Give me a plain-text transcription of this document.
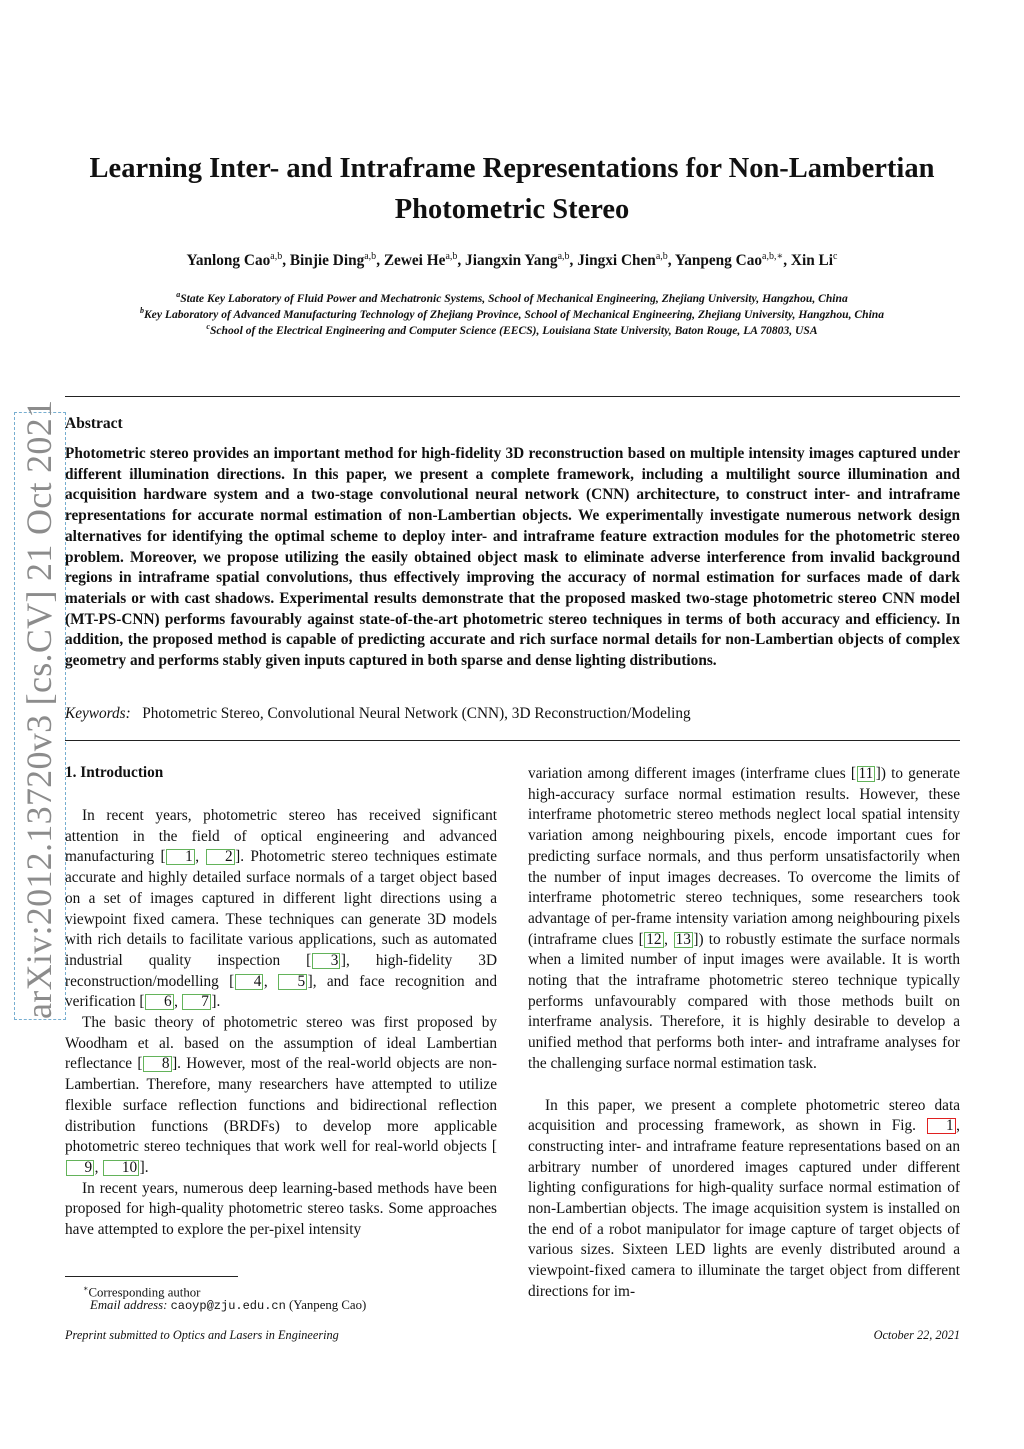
Learning Inter- and Intraframe Representations for Non-Lambertian
Photometric Stereo
Yanlong Cao$^{a,b}$, Binjie Ding$^{a,b}$, Zewei He$^{a,b}$, Jiangxin Yang$^{a,b}$, Jingxi Chen$^{a,b}$, Yanpeng Cao$^{a,b,∗}$, Xin Li$^c$
$^a$State Key Laboratory of Fluid Power and Mechatronic Systems, School of Mechanical Engineering, Zhejiang University, Hangzhou, China
$^b$Key Laboratory of Advanced Manufacturing Technology of Zhejiang Province, School of Mechanical Engineering, Zhejiang University, Hangzhou, China
$^c$School of the Electrical Engineering and Computer Science (EECS), Louisiana State University, Baton Rouge, LA 70803, USA
arXiv:2012.13720v3 [cs.CV] 21 Oct 2021 Abstract
Photometric stereo provides an important method for high-fidelity 3D reconstruction based on multiple intensity images captured under different illumination directions. In this paper, we present a complete framework, including a multilight source illumination and acquisition hardware system and a two-stage convolutional neural network (CNN) architecture, to construct inter- and intraframe representations for accurate normal estimation of non-Lambertian objects. We experimentally investigate numerous network design alternatives for identifying the optimal scheme to deploy inter- and intraframe feature extraction modules for the photometric stereo problem. Moreover, we propose utilizing the easily obtained object mask to eliminate adverse interference from invalid background regions in intraframe spatial convolutions, thus effectively improving the accuracy of normal estimation for surfaces made of dark materials or with cast shadows. Experimental results demonstrate that the proposed masked two-stage photometric stereo CNN model (MT-PS-CNN) performs favourably against state-of-the-art photometric stereo techniques in terms of both accuracy and efficiency. In addition, the proposed method is capable of predicting accurate and rich surface normal details for non-Lambertian objects of complex geometry and performs stably given inputs captured in both sparse and dense lighting distributions.
Keywords: Photometric Stereo, Convolutional Neural Network (CNN), 3D Reconstruction/Modeling
1. Introduction

In recent years, photometric stereo has received significant attention in the field of optical engineering and advanced manufacturing [ 1 , 2 ]. Photometric stereo techniques estimate accurate and highly detailed surface normals of a target object based on a set of images captured in different light directions using a viewpoint fixed camera. These techniques can generate 3D models with rich details to facilitate various applications, such as automated industrial quality inspection [ 3 ], high-fidelity 3D reconstruction/modelling [ 4 , 5 ], and face recognition and verification [ 6 , 7 ].

The basic theory of photometric stereo was first proposed by Woodham et al. based on the assumption of ideal Lambertian reflectance [ 8 ]. However, most of the real-world objects are non-Lambertian. Therefore, many researchers have attempted to utilize flexible surface reflection functions and bidirectional reflection distribution functions (BRDFs) to develop more applicable photometric stereo techniques that work well for real-world objects [9 , 10 ].

In recent years, numerous deep learning-based methods have been proposed for high-quality photometric stereo tasks. Some approaches have attempted to explore the per-pixel intensity

variation among different images (interframe clues [ 11 ]) to generate high-accuracy surface normal estimation results. However, these interframe photometric stereo methods neglect local spatial intensity variation among neighbouring pixels, encode important cues for predicting surface normals, and thus perform unsatisfactorily when the number of input images decreases. To overcome the limits of interframe photometric stereo techniques, some researchers took advantage of per-frame intensity variation among neighbouring pixels (intraframe clues [ 12 , 13 ]) to robustly estimate the surface normals when a limited number of input images were available. It is worth noting that the intraframe photometric stereo technique typically performs unfavourably compared with those methods built on interframe analysis. Therefore, it is highly desirable to develop a unified method that performs both inter- and intraframe analyses for the challenging surface normal estimation task.

In this paper, we present a complete photometric stereo data acquisition and processing framework, as shown in Fig. 1 , constructing inter- and intraframe feature representations based on an arbitrary number of unordered images captured under different lighting configurations for high-quality surface normal estimation of non-Lambertian objects. The image acquisition system is installed on the end of a robot manipulator for image capture of target objects of various sizes. Sixteen LED lights are evenly distributed around a viewpoint-fixed camera to illuminate the target object from different directions for im-

∗Corresponding author
Email address: caoyp@zju.edu.cn (Yanpeng Cao)
Preprint submitted to Optics and Lasers in Engineering	October 22, 2021
